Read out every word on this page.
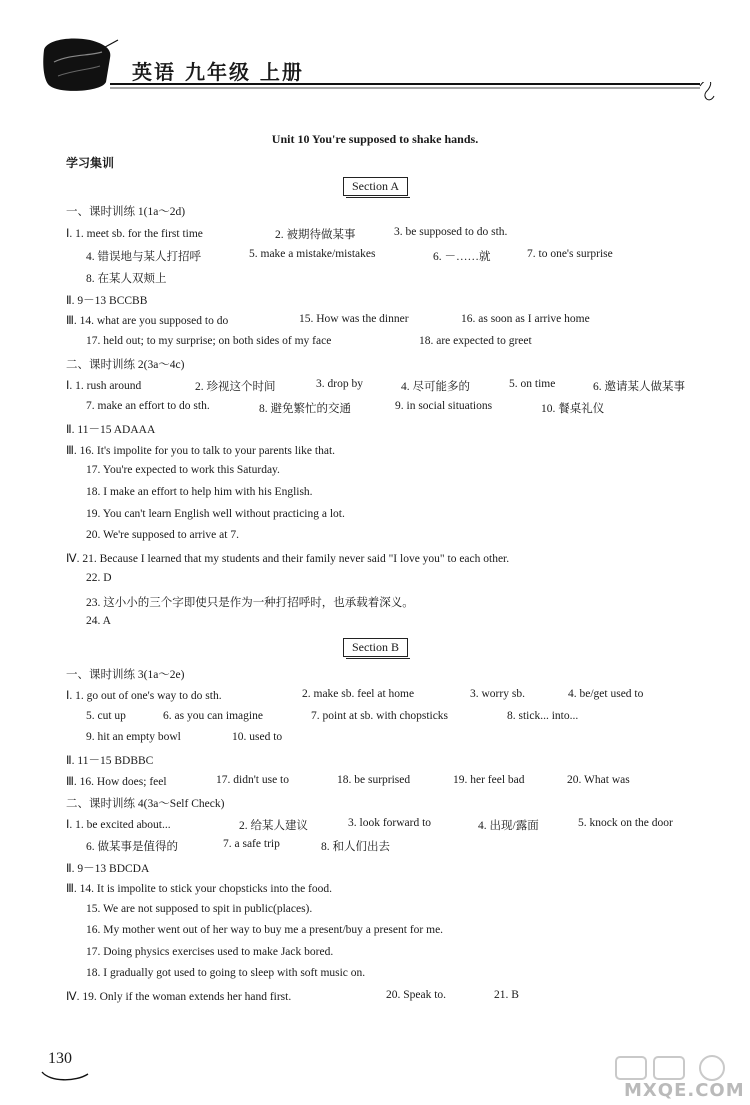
英语 九年级 上册
Unit 10 You're supposed to shake hands.
学习集训
Section A
一、课时训练 1(1a～2d)
Ⅰ. 1. meet sb. for the first time	2. 被期待做某事	3. be supposed to do sth.
4. 错误地与某人打招呼	5. make a mistake/mistakes	6. －……就	7. to one's surprise
8. 在某人双颊上
Ⅱ. 9－13 BCCBB
Ⅲ. 14. what are you supposed to do	15. How was the dinner	16. as soon as I arrive home
17. held out; to my surprise; on both sides of my face	18. are expected to greet
二、课时训练 2(3a～4c)
Ⅰ. 1. rush around	2. 珍视这个时间	3. drop by	4. 尽可能多的	5. on time	6. 邀请某人做某事
7. make an effort to do sth.	8. 避免繁忙的交通	9. in social situations	10. 餐桌礼仪
Ⅱ. 11－15 ADAAA
Ⅲ. 16. It's impolite for you to talk to your parents like that.
17. You're expected to work this Saturday.
18. I make an effort to help him with his English.
19. You can't learn English well without practicing a lot.
20. We're supposed to arrive at 7.
Ⅳ. 21. Because I learned that my students and their family never said "I love you" to each other.
22. D
23. 这小小的三个字即使只是作为一种打招呼时，也承载着深义。
24. A
Section B
一、课时训练 3(1a～2e)
Ⅰ. 1. go out of one's way to do sth.	2. make sb. feel at home	3. worry sb.	4. be/get used to
5. cut up	6. as you can imagine	7. point at sb. with chopsticks	8. stick... into...
9. hit an empty bowl	10. used to
Ⅱ. 11－15 BDBBC
Ⅲ. 16. How does; feel	17. didn't use to	18. be surprised	19. her feel bad	20. What was
二、课时训练 4(3a～Self Check)
Ⅰ. 1. be excited about...	2. 给某人建议	3. look forward to	4. 出现/露面	5. knock on the door
6. 做某事是值得的	7. a safe trip	8. 和人们出去
Ⅱ. 9－13 BDCDA
Ⅲ. 14. It is impolite to stick your chopsticks into the food.
15. We are not supposed to spit in public(places).
16. My mother went out of her way to buy me a present/buy a present for me.
17. Doing physics exercises used to make Jack bored.
18. I gradually got used to going to sleep with soft music on.
Ⅳ. 19. Only if the woman extends her hand first.	20. Speak to.	21. B
130
MXQE.COM
